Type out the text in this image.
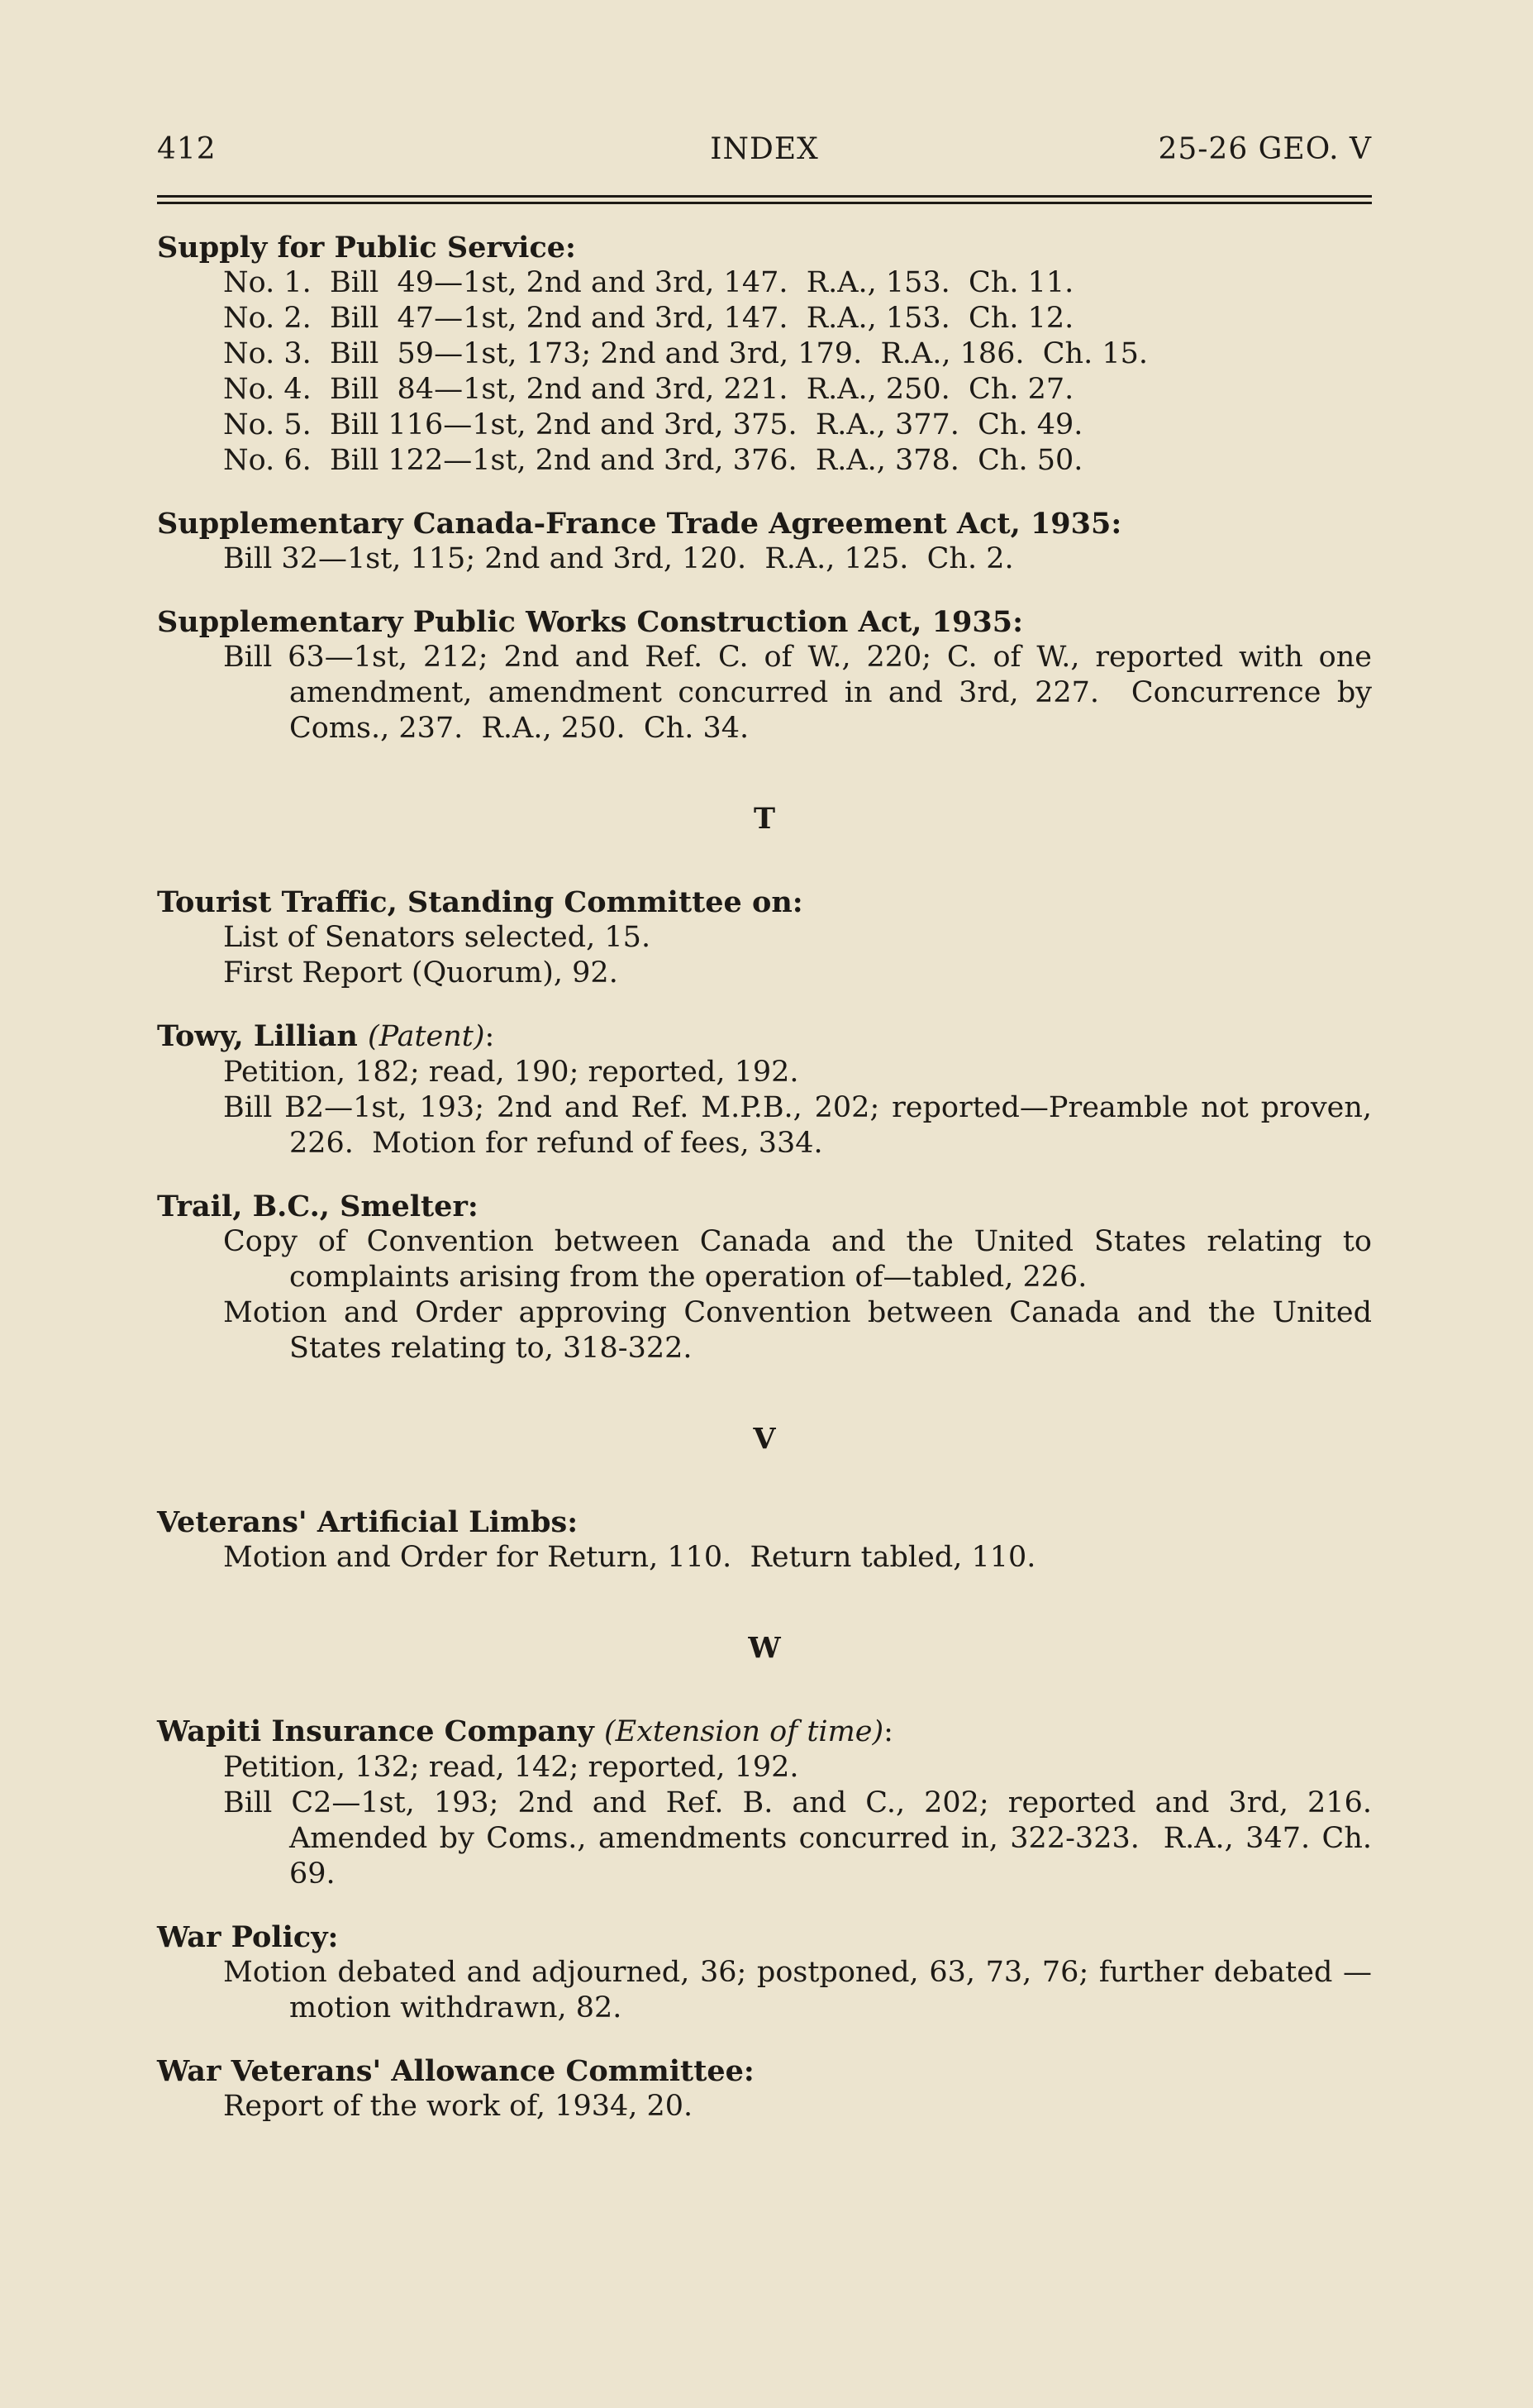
412	INDEX	25-26 GEO. V
Supply for Public Service:
No. 1.  Bill  49—1st, 2nd and 3rd, 147.  R.A., 153.  Ch. 11.
No. 2.  Bill  47—1st, 2nd and 3rd, 147.  R.A., 153.  Ch. 12.
No. 3.  Bill  59—1st, 173; 2nd and 3rd, 179.  R.A., 186.  Ch. 15.
No. 4.  Bill  84—1st, 2nd and 3rd, 221.  R.A., 250.  Ch. 27.
No. 5.  Bill 116—1st, 2nd and 3rd, 375.  R.A., 377.  Ch. 49.
No. 6.  Bill 122—1st, 2nd and 3rd, 376.  R.A., 378.  Ch. 50.
Supplementary Canada-France Trade Agreement Act, 1935:
Bill 32—1st, 115; 2nd and 3rd, 120.  R.A., 125.  Ch. 2.
Supplementary Public Works Construction Act, 1935:
Bill 63—1st, 212; 2nd and Ref. C. of W., 220; C. of W., reported with one amendment, amendment concurred in and 3rd, 227.  Concurrence by Coms., 237.  R.A., 250.  Ch. 34.
T
Tourist Traffic, Standing Committee on:
List of Senators selected, 15.
First Report (Quorum), 92.
Towy, Lillian (Patent):
Petition, 182; read, 190; reported, 192.
Bill B2—1st, 193; 2nd and Ref. M.P.B., 202; reported—Preamble not proven, 226.  Motion for refund of fees, 334.
Trail, B.C., Smelter:
Copy of Convention between Canada and the United States relating to complaints arising from the operation of—tabled, 226.
Motion and Order approving Convention between Canada and the United States relating to, 318-322.
V
Veterans' Artificial Limbs:
Motion and Order for Return, 110.  Return tabled, 110.
W
Wapiti Insurance Company (Extension of time):
Petition, 132; read, 142; reported, 192.
Bill C2—1st, 193; 2nd and Ref. B. and C., 202; reported and 3rd, 216. Amended by Coms., amendments concurred in, 322-323.  R.A., 347. Ch. 69.
War Policy:
Motion debated and adjourned, 36; postponed, 63, 73, 76; further debated —motion withdrawn, 82.
War Veterans' Allowance Committee:
Report of the work of, 1934, 20.
